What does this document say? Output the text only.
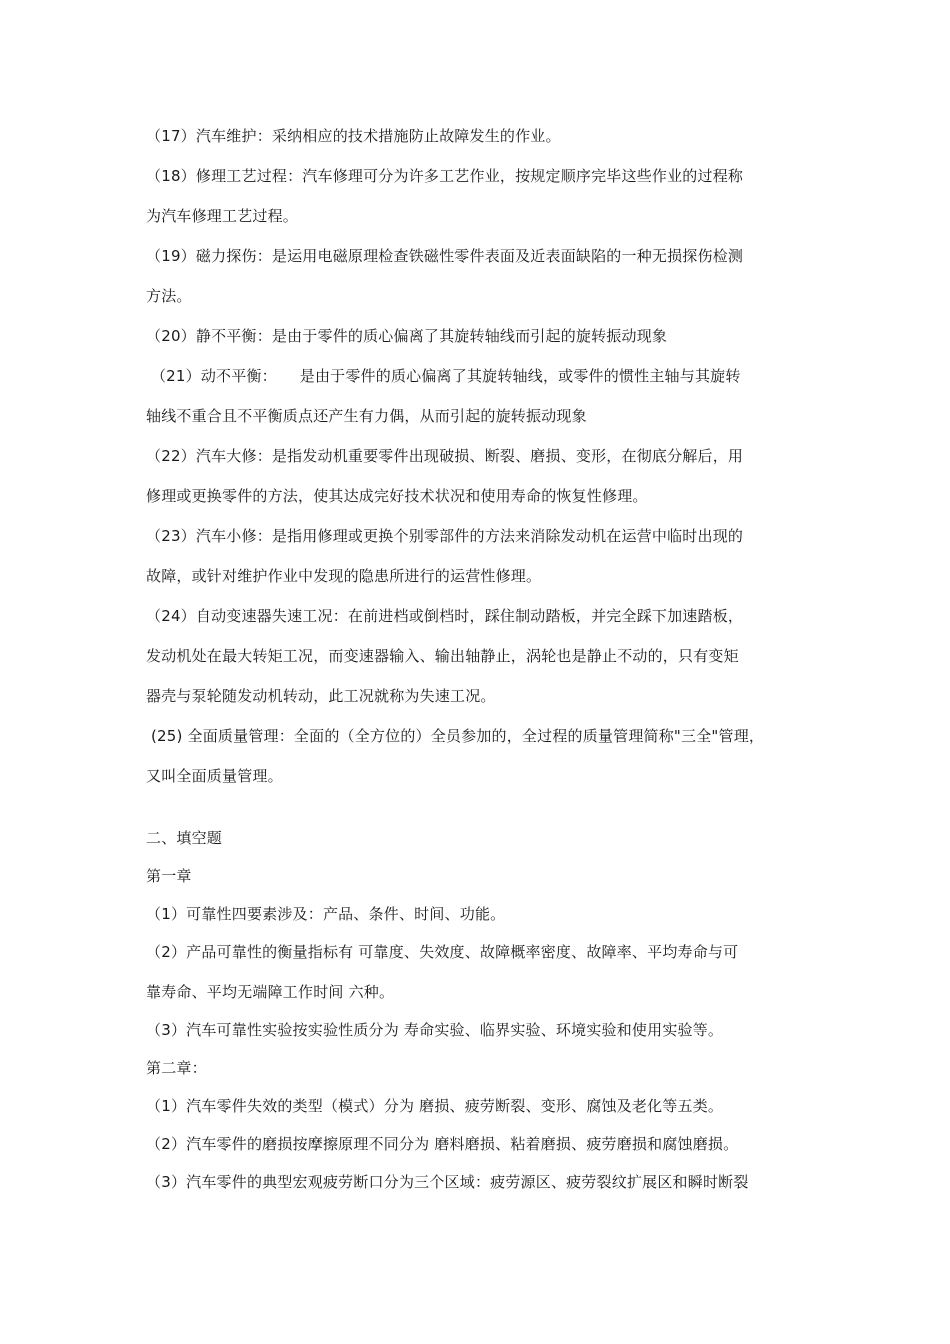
（17）汽车维护：采纳相应的技术措施防止故障发生的作业。
（18）修理工艺过程：汽车修理可分为许多工艺作业，按规定顺序完毕这些作业的过程称
为汽车修理工艺过程。
（19）磁力探伤：是运用电磁原理检查铁磁性零件表面及近表面缺陷的一种无损探伤检测
方法。
（20）静不平衡：是由于零件的质心偏离了其旋转轴线而引起的旋转振动现象
（21）动不平衡：　　是由于零件的质心偏离了其旋转轴线，或零件的惯性主轴与其旋转
轴线不重合且不平衡质点还产生有力偶，从而引起的旋转振动现象
（22）汽车大修：是指发动机重要零件出现破损、断裂、磨损、变形，在彻底分解后，用
修理或更换零件的方法，使其达成完好技术状况和使用寿命的恢复性修理。
（23）汽车小修：是指用修理或更换个别零部件的方法来消除发动机在运营中临时出现的
故障，或针对维护作业中发现的隐患所进行的运营性修理。
（24）自动变速器失速工况：在前进档或倒档时，踩住制动踏板，并完全踩下加速踏板，
发动机处在最大转矩工况，而变速器输入、输出轴静止，涡轮也是静止不动的，只有变矩
器壳与泵轮随发动机转动，此工况就称为失速工况。
(25) 全面质量管理：全面的（全方位的）全员参加的，全过程的质量管理简称"三全"管理，
又叫全面质量管理。
二、填空题
第一章
（1）可靠性四要素涉及：产品、条件、时间、功能。
（2）产品可靠性的衡量指标有 可靠度、失效度、故障概率密度、故障率、平均寿命与可
靠寿命、平均无端障工作时间 六种。
（3）汽车可靠性实验按实验性质分为 寿命实验、临界实验、环境实验和使用实验等。
第二章：
（1）汽车零件失效的类型（模式）分为 磨损、疲劳断裂、变形、腐蚀及老化等五类。
（2）汽车零件的磨损按摩擦原理不同分为 磨料磨损、粘着磨损、疲劳磨损和腐蚀磨损。
（3）汽车零件的典型宏观疲劳断口分为三个区域：疲劳源区、疲劳裂纹扩展区和瞬时断裂
